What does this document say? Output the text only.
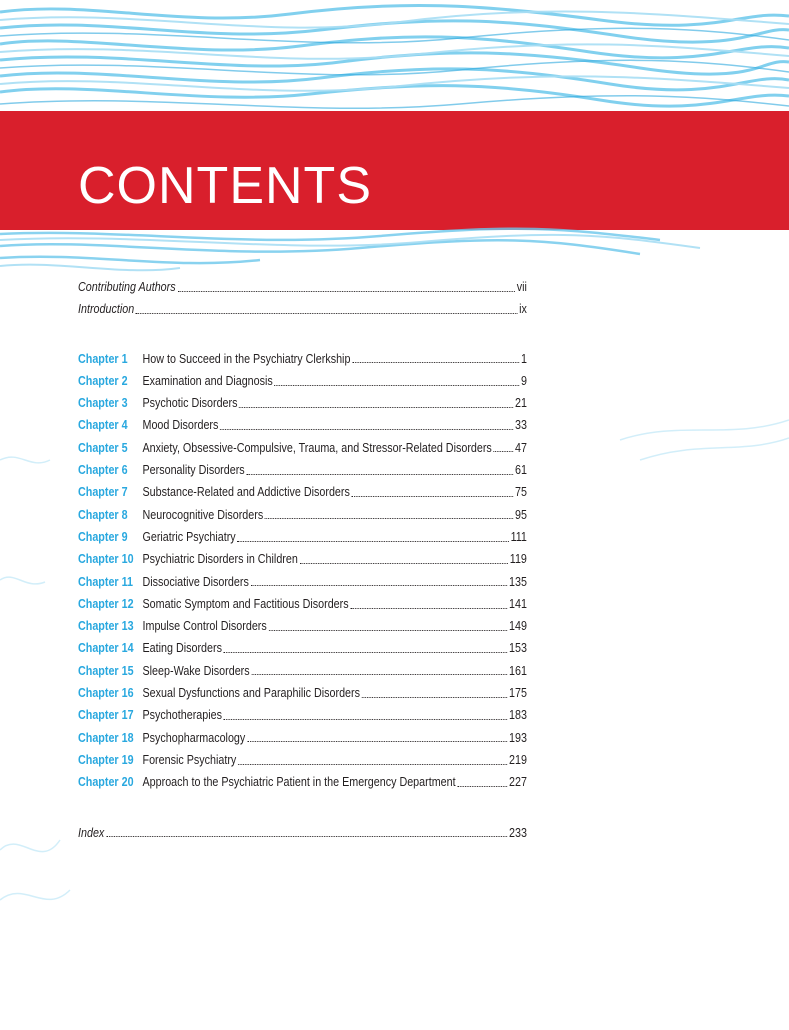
CONTENTS
Contributing Authors	vii
Introduction	ix
Chapter 1	How to Succeed in the Psychiatry Clerkship	1
Chapter 2	Examination and Diagnosis	9
Chapter 3	Psychotic Disorders	21
Chapter 4	Mood Disorders	33
Chapter 5	Anxiety, Obsessive-Compulsive, Trauma, and Stressor-Related Disorders 47
Chapter 6	Personality Disorders	61
Chapter 7	Substance-Related and Addictive Disorders	75
Chapter 8	Neurocognitive Disorders	95
Chapter 9	Geriatric Psychiatry	111
Chapter 10 Psychiatric Disorders in Children	119
Chapter 11 Dissociative Disorders	135
Chapter 12 Somatic Symptom and Factitious Disorders	141
Chapter 13 Impulse Control Disorders	149
Chapter 14 Eating Disorders	153
Chapter 15 Sleep-Wake Disorders	161
Chapter 16 Sexual Dysfunctions and Paraphilic Disorders	175
Chapter 17 Psychotherapies	183
Chapter 18 Psychopharmacology	193
Chapter 19 Forensic Psychiatry	219
Chapter 20 Approach to the Psychiatric Patient in the Emergency Department	227
Index	233
